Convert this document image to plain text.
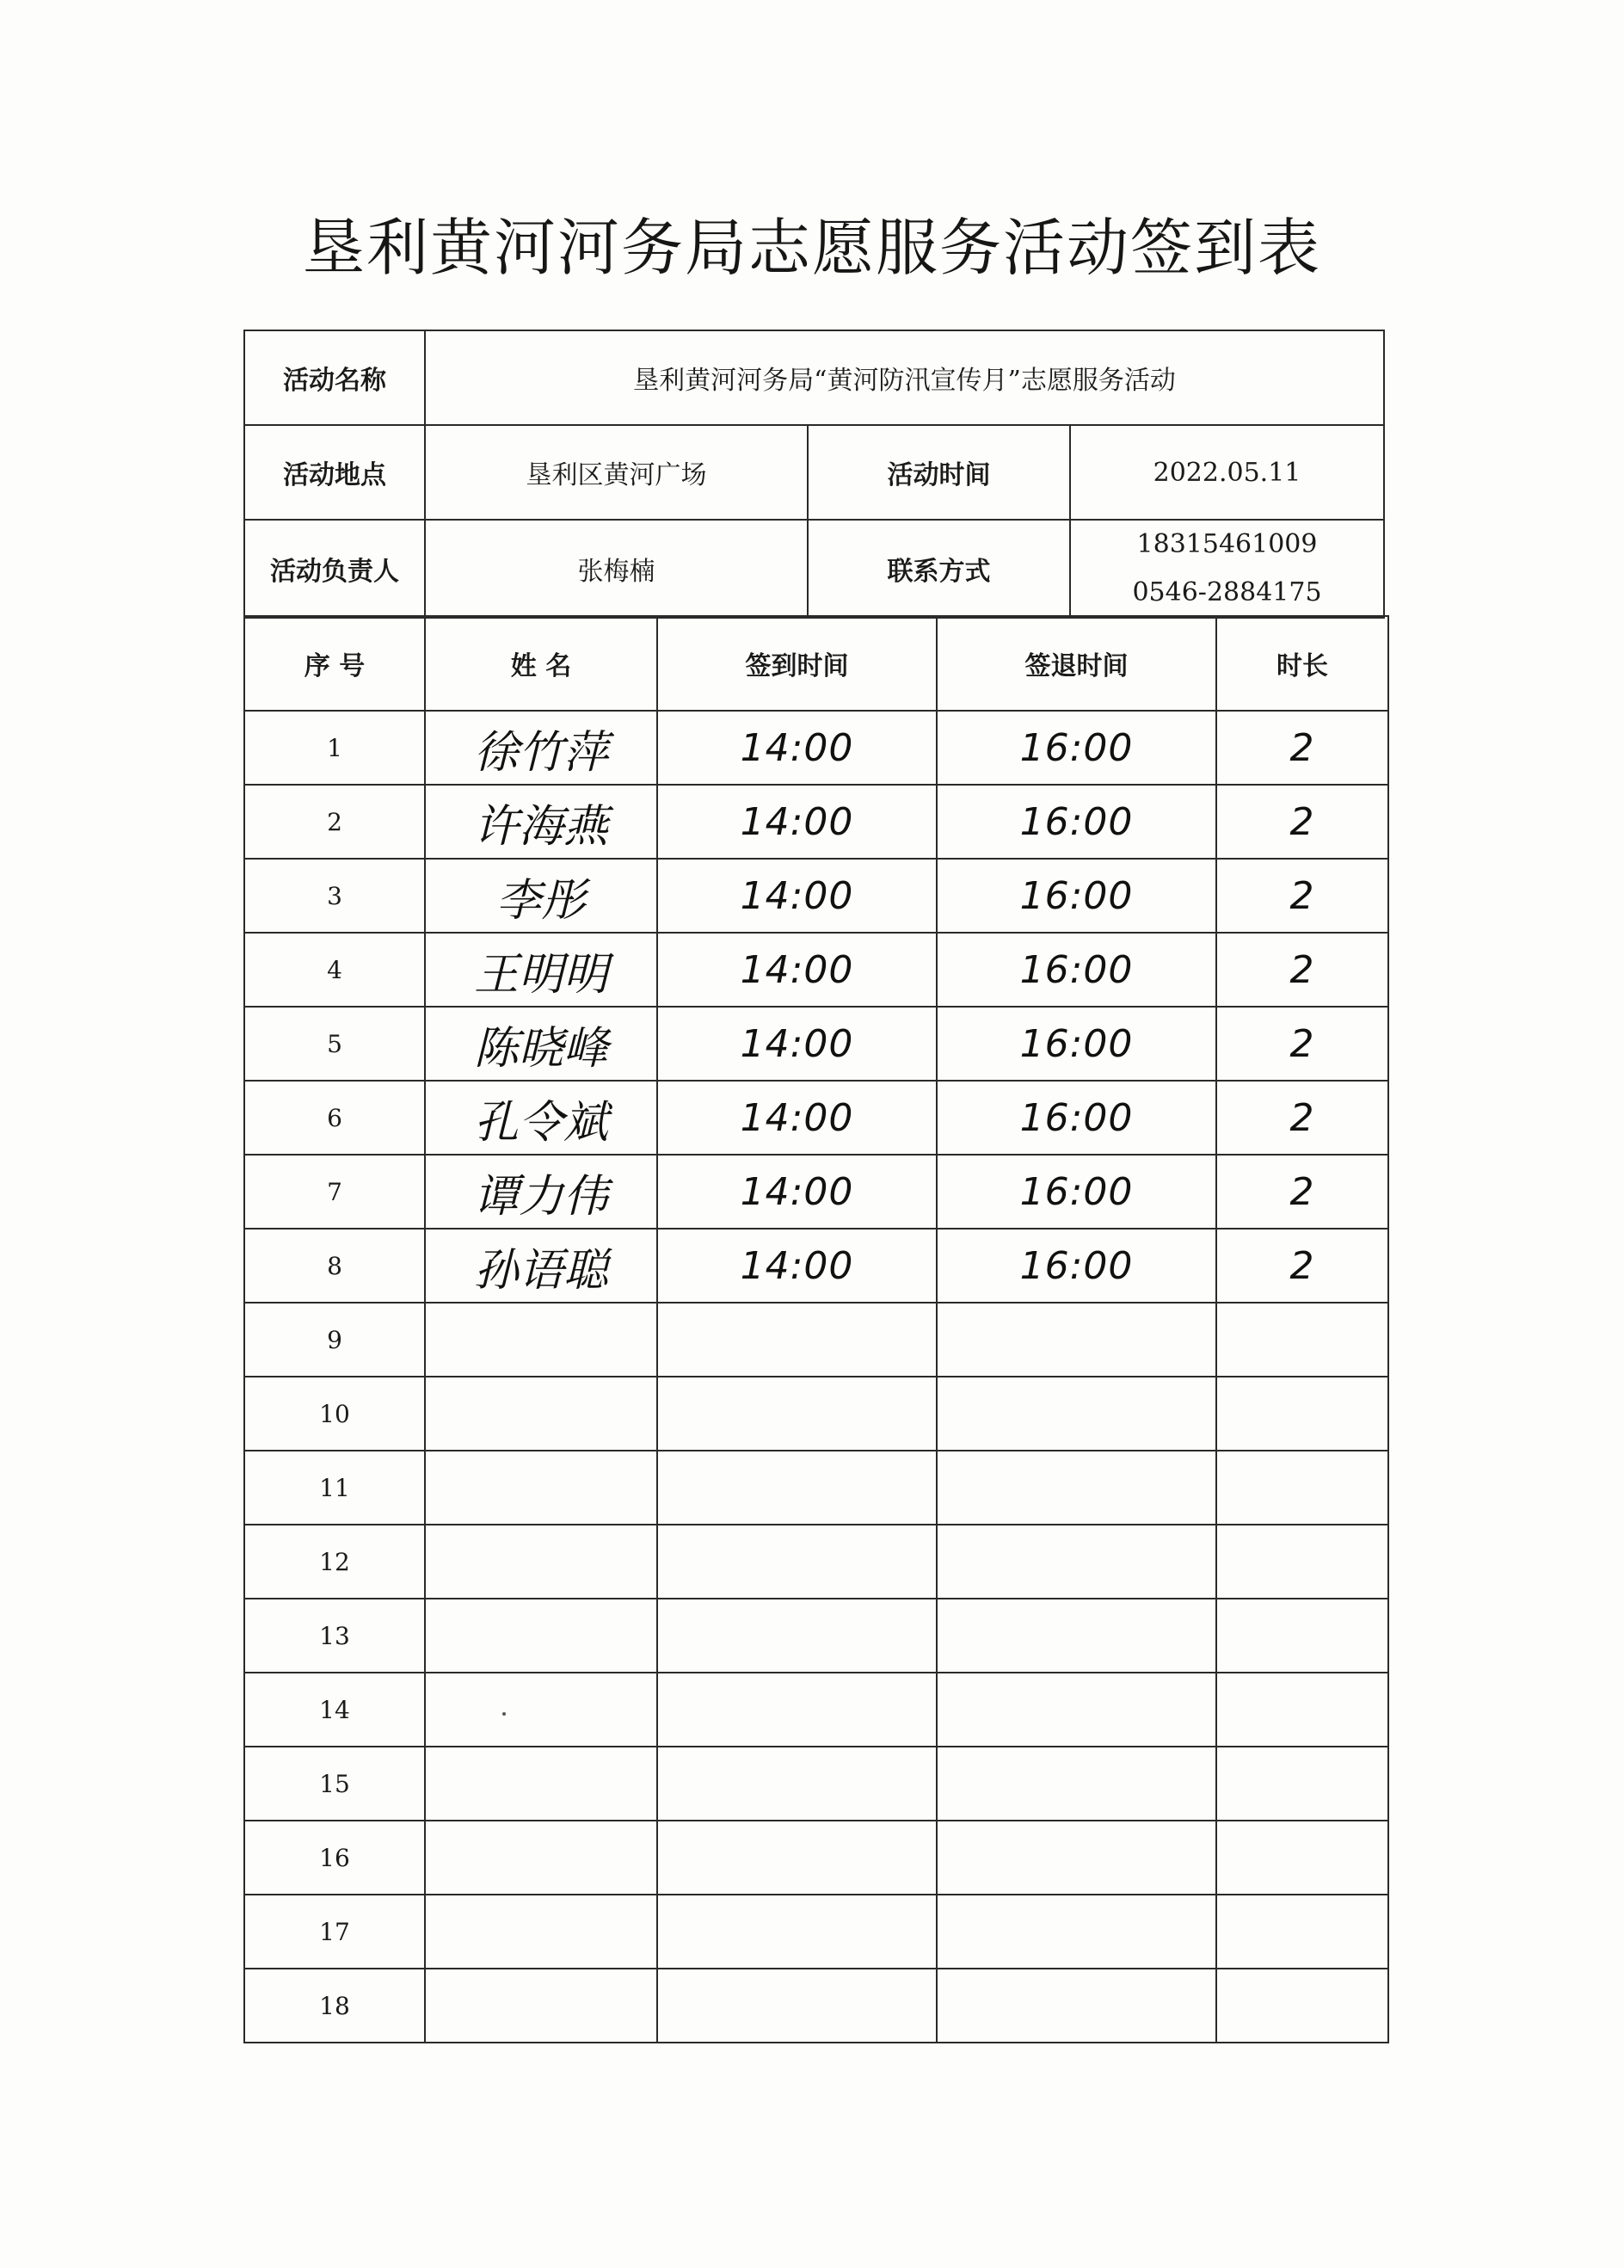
垦利黄河河务局志愿服务活动签到表
活动名称	垦利黄河河务局“黄河防汛宣传月”志愿服务活动		
活动地点	垦利区黄河广场	活动时间	2022.05.11
活动负责人	张梅楠	联系方式	18315461009
0546-2884175
序 号	姓 名	签到时间	签退时间	时长
1	徐竹萍	14:00	16:00	2
2	许海燕	14:00	16:00	2
3	李彤	14:00	16:00	2
4	王明明	14:00	16:00	2
5	陈晓峰	14:00	16:00	2
6	孔令斌	14:00	16:00	2
7	谭力伟	14:00	16:00	2
8	孙语聪	14:00	16:00	2
9				
10				
11				
12				
13				
14				
15				
16				
17				
18				
